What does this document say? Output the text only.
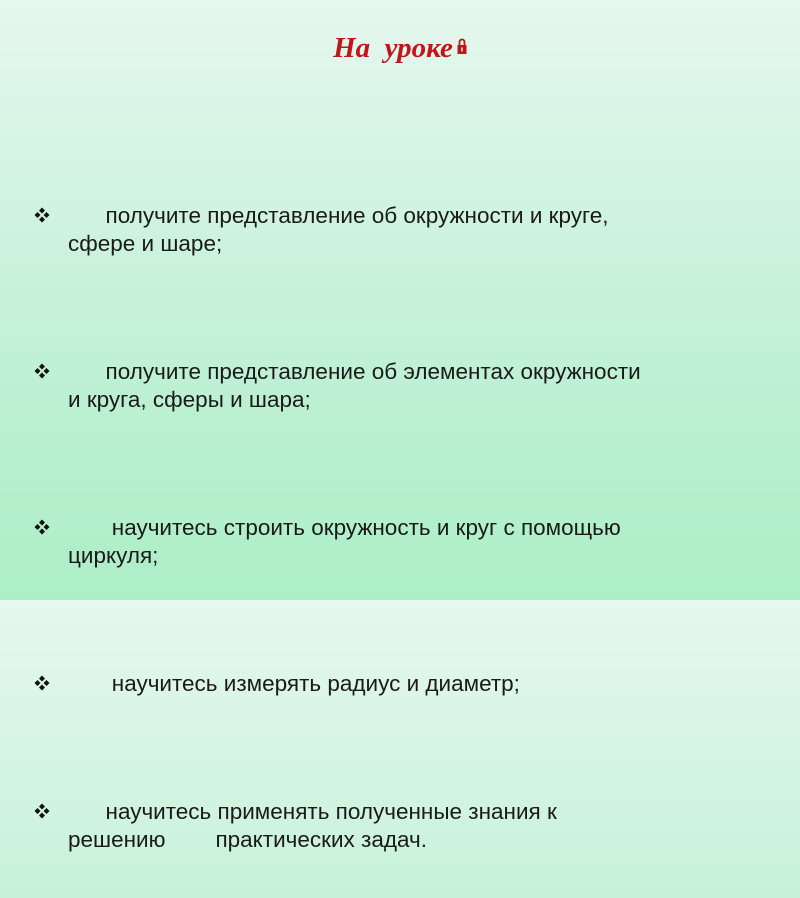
На  уроке

получите представление об окружности и круге,
сфере и шаре;

получите представление об элементах окружности
и круга, сферы и шара;

научитесь строить окружность и круг с помощью
циркуля;

научитесь измерять радиус и диаметр;

научитесь применять полученные знания к
решению        практических задач.
